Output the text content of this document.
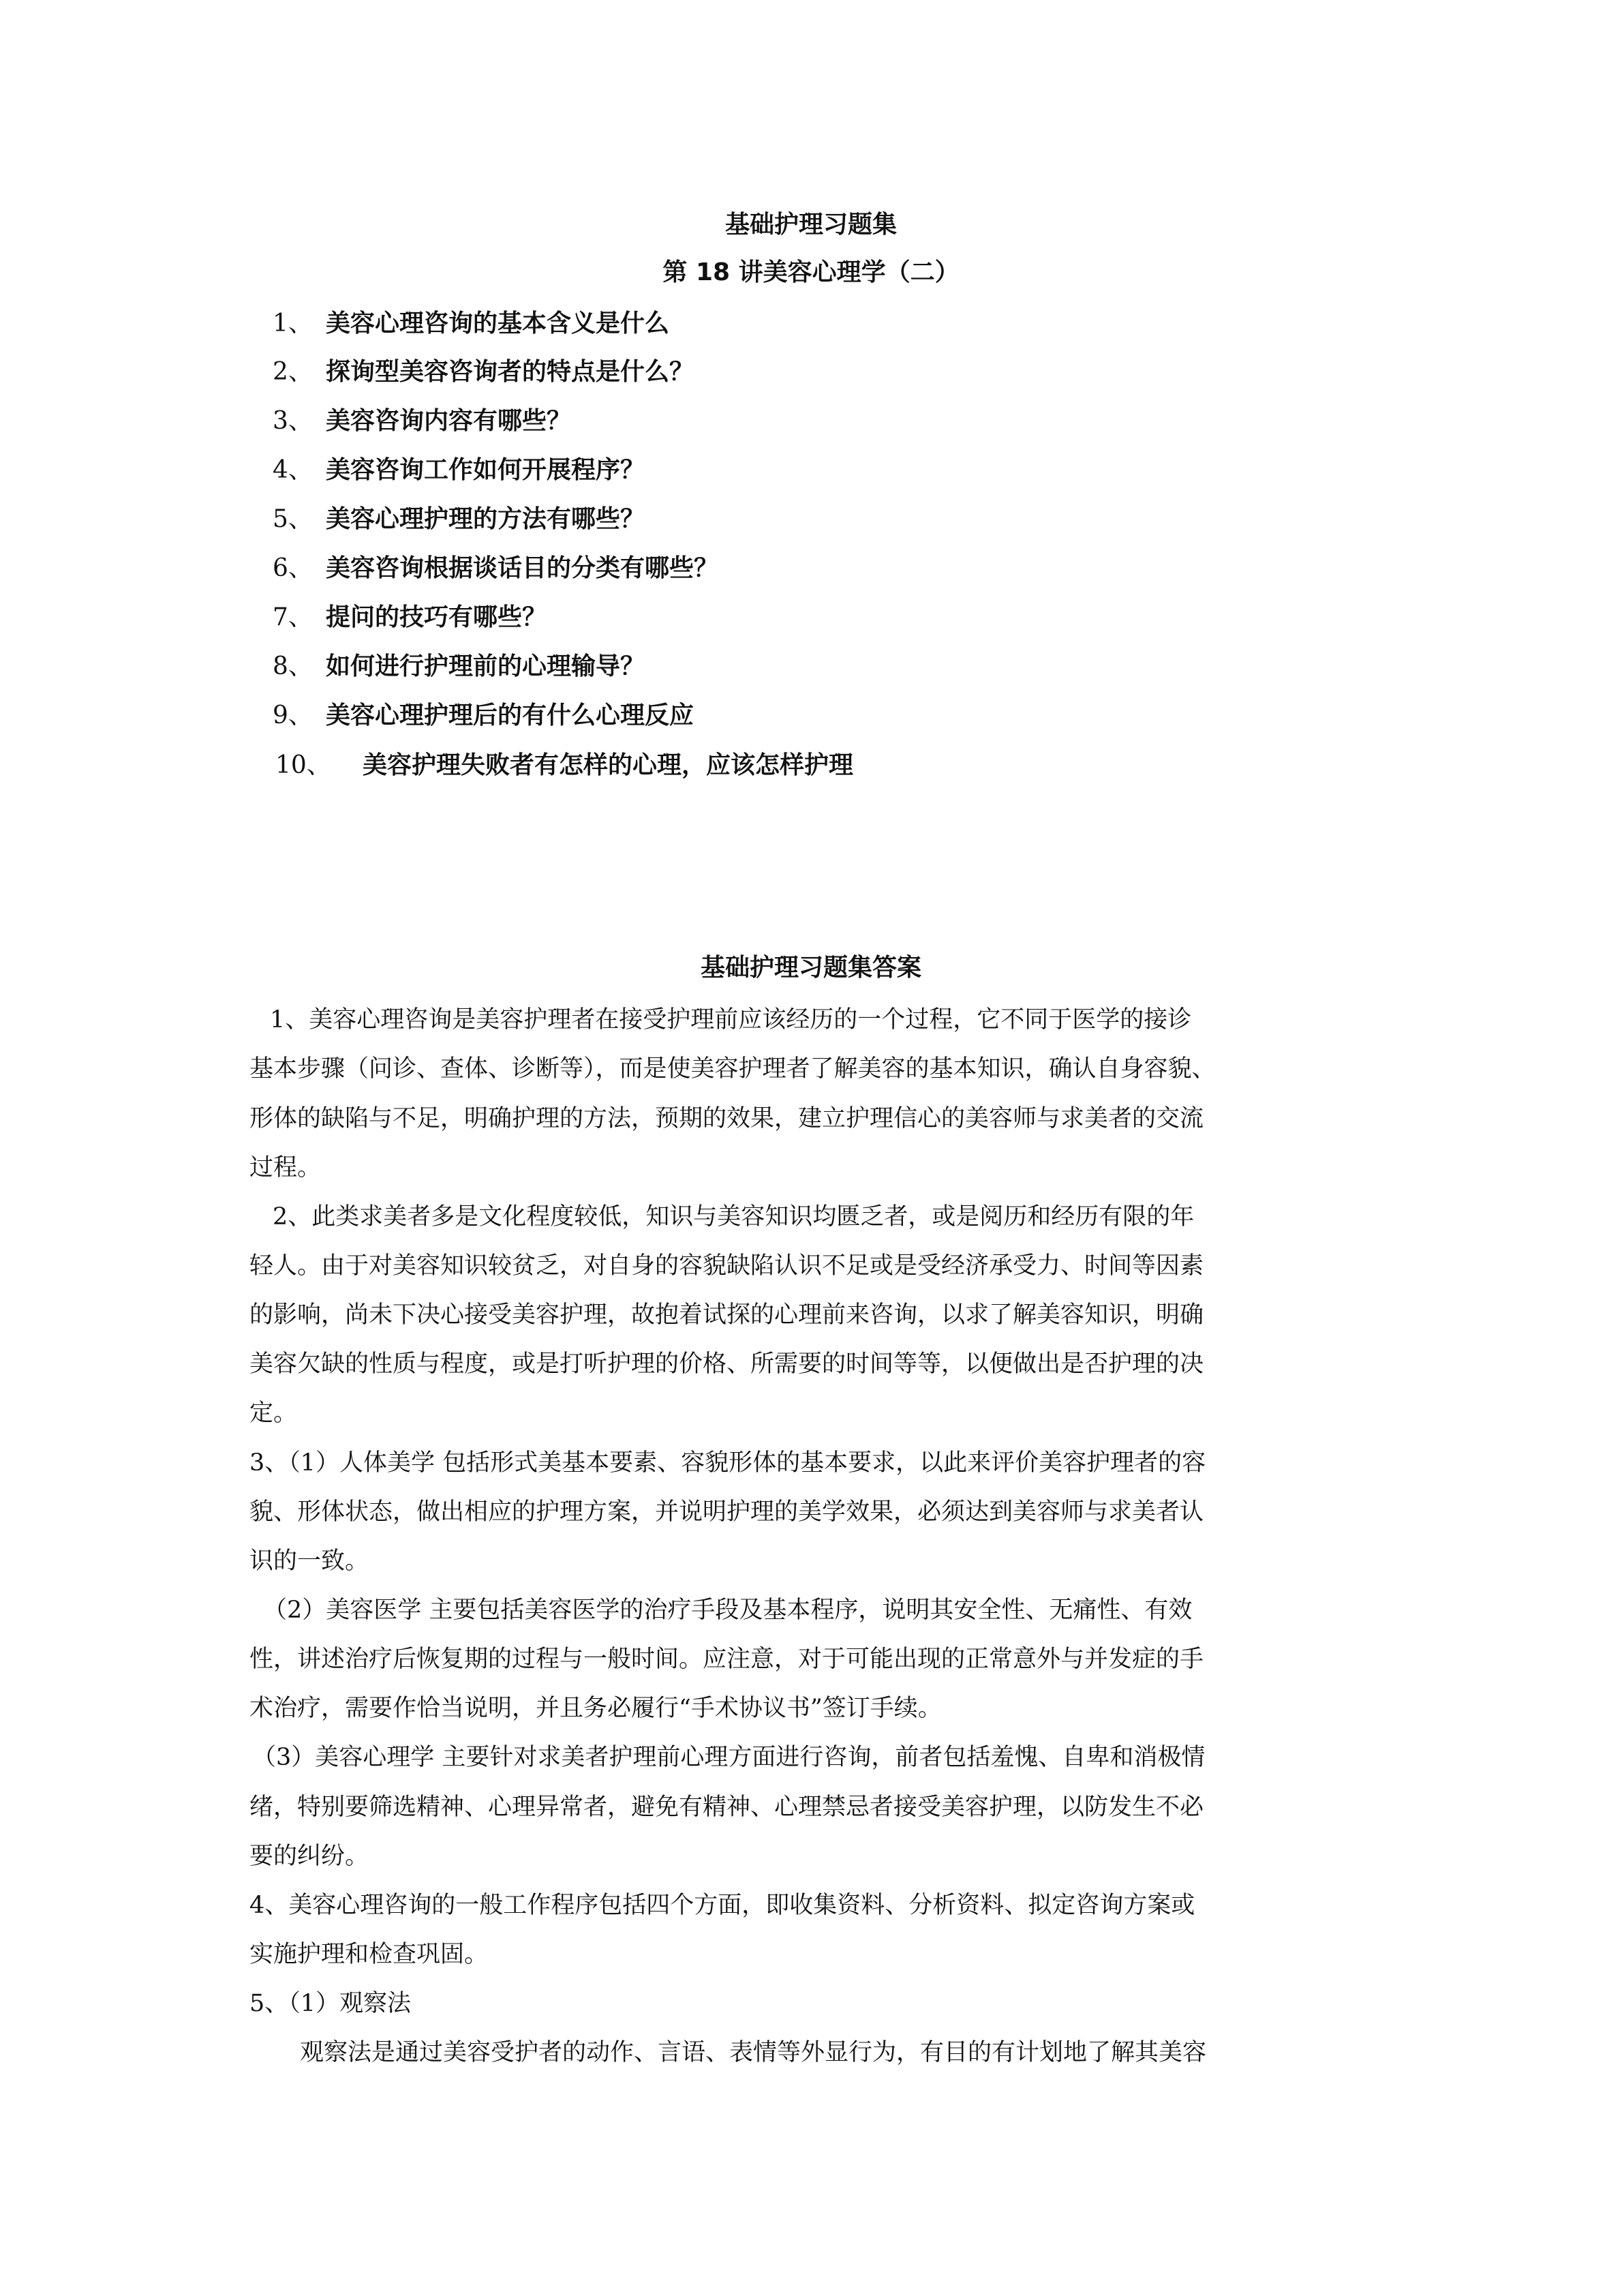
基础护理习题集
第 18 讲美容心理学（二）
1、 美容心理咨询的基本含义是什么
2、 探询型美容咨询者的特点是什么？
3、 美容咨询内容有哪些？
4、 美容咨询工作如何开展程序？
5、 美容心理护理的方法有哪些？
6、 美容咨询根据谈话目的分类有哪些？
7、 提问的技巧有哪些？
8、 如何进行护理前的心理输导？
9、 美容心理护理后的有什么心理反应
10、 美容护理失败者有怎样的心理，应该怎样护理
基础护理习题集答案
1、美容心理咨询是美容护理者在接受护理前应该经历的一个过程，它不同于医学的接诊
基本步骤（问诊、查体、诊断等），而是使美容护理者了解美容的基本知识，确认自身容貌、
形体的缺陷与不足，明确护理的方法，预期的效果，建立护理信心的美容师与求美者的交流
过程。
2、此类求美者多是文化程度较低，知识与美容知识均匮乏者，或是阅历和经历有限的年
轻人。由于对美容知识较贫乏，对自身的容貌缺陷认识不足或是受经济承受力、时间等因素
的影响，尚未下决心接受美容护理，故抱着试探的心理前来咨询，以求了解美容知识，明确
美容欠缺的性质与程度，或是打听护理的价格、所需要的时间等等，以便做出是否护理的决
定。
3、（1）人体美学 包括形式美基本要素、容貌形体的基本要求，以此来评价美容护理者的容
貌、形体状态，做出相应的护理方案，并说明护理的美学效果，必须达到美容师与求美者认
识的一致。
（2）美容医学 主要包括美容医学的治疗手段及基本程序，说明其安全性、无痛性、有效
性，讲述治疗后恢复期的过程与一般时间。应注意，对于可能出现的正常意外与并发症的手
术治疗，需要作恰当说明，并且务必履行“手术协议书”签订手续。
（3）美容心理学 主要针对求美者护理前心理方面进行咨询，前者包括羞愧、自卑和消极情
绪，特别要筛选精神、心理异常者，避免有精神、心理禁忌者接受美容护理，以防发生不必
要的纠纷。
4、美容心理咨询的一般工作程序包括四个方面，即收集资料、分析资料、拟定咨询方案或
实施护理和检查巩固。
5、（1）观察法
观察法是通过美容受护者的动作、言语、表情等外显行为，有目的有计划地了解其美容
